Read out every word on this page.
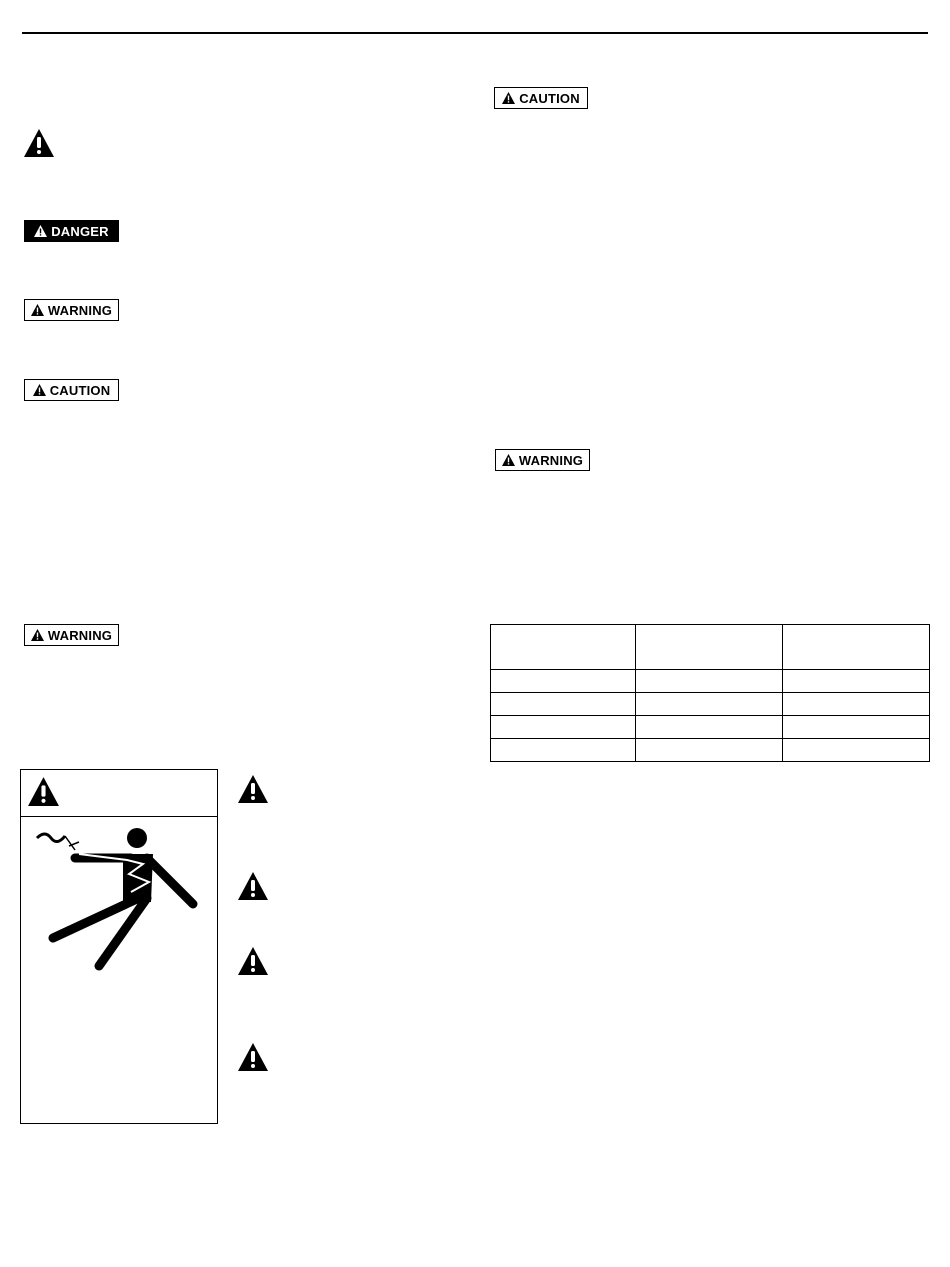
DANGER
WARNING
CAUTION
WARNING
CAUTION
WARNING
